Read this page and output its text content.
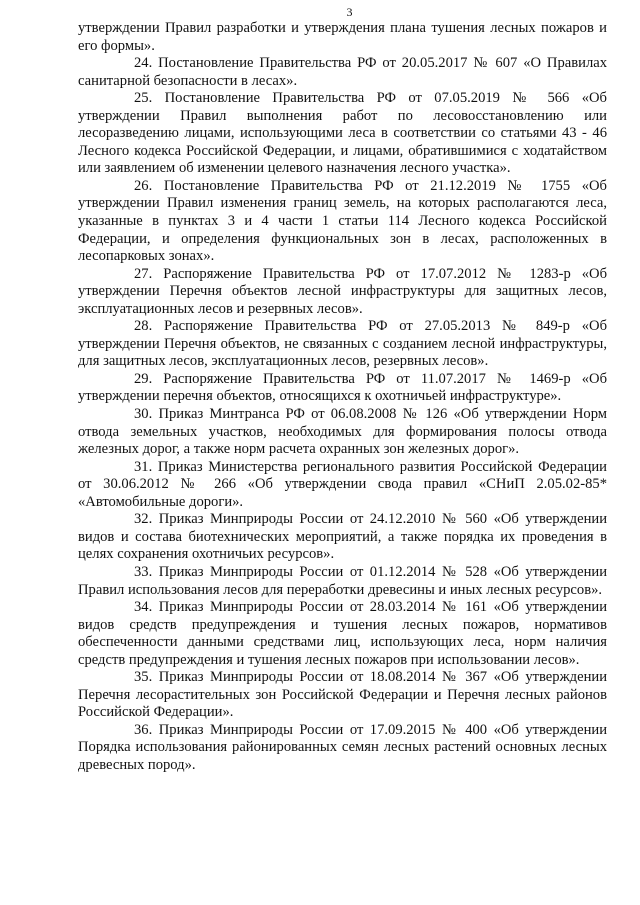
3

утверждении Правил разработки и утверждения плана тушения лесных пожаров и его формы».

24. Постановление Правительства РФ от 20.05.2017 № 607 «О Правилах санитарной безопасности в лесах».

25. Постановление Правительства РФ от 07.05.2019 № 566 «Об утверждении Правил выполнения работ по лесовосстановлению или лесоразведению лицами, использующими леса в соответствии со статьями 43 - 46 Лесного кодекса Российской Федерации, и лицами, обратившимися с ходатайством или заявлением об изменении целевого назначения лесного участка».

26. Постановление Правительства РФ от 21.12.2019 № 1755 «Об утверждении Правил изменения границ земель, на которых располагаются леса, указанные в пунктах 3 и 4 части 1 статьи 114 Лесного кодекса Российской Федерации, и определения функциональных зон в лесах, расположенных в лесопарковых зонах».

27. Распоряжение Правительства РФ от 17.07.2012 № 1283-р «Об утверждении Перечня объектов лесной инфраструктуры для защитных лесов, эксплуатационных лесов и резервных лесов».

28. Распоряжение Правительства РФ от 27.05.2013 № 849-р «Об утверждении Перечня объектов, не связанных с созданием лесной инфраструктуры, для защитных лесов, эксплуатационных лесов, резервных лесов».

29. Распоряжение Правительства РФ от 11.07.2017 № 1469-р «Об утверждении перечня объектов, относящихся к охотничьей инфраструктуре».

30. Приказ Минтранса РФ от 06.08.2008 № 126 «Об утверждении Норм отвода земельных участков, необходимых для формирования полосы отвода железных дорог, а также норм расчета охранных зон железных дорог».

31. Приказ Министерства регионального развития Российской Федерации от 30.06.2012 № 266 «Об утверждении свода правил «СНиП 2.05.02-85* «Автомобильные дороги».

32. Приказ Минприроды России от 24.12.2010 № 560 «Об утверждении видов и состава биотехнических мероприятий, а также порядка их проведения в целях сохранения охотничьих ресурсов».

33. Приказ Минприроды России от 01.12.2014 № 528 «Об утверждении Правил использования лесов для переработки древесины и иных лесных ресурсов».

34. Приказ Минприроды России от 28.03.2014 № 161 «Об утверждении видов средств предупреждения и тушения лесных пожаров, нормативов обеспеченности данными средствами лиц, использующих леса, норм наличия средств предупреждения и тушения лесных пожаров при использовании лесов».

35. Приказ Минприроды России от 18.08.2014 № 367 «Об утверждении Перечня лесорастительных зон Российской Федерации и Перечня лесных районов Российской Федерации».

36. Приказ Минприроды России от 17.09.2015 № 400 «Об утверждении Порядка использования районированных семян лесных растений основных лесных древесных пород».
